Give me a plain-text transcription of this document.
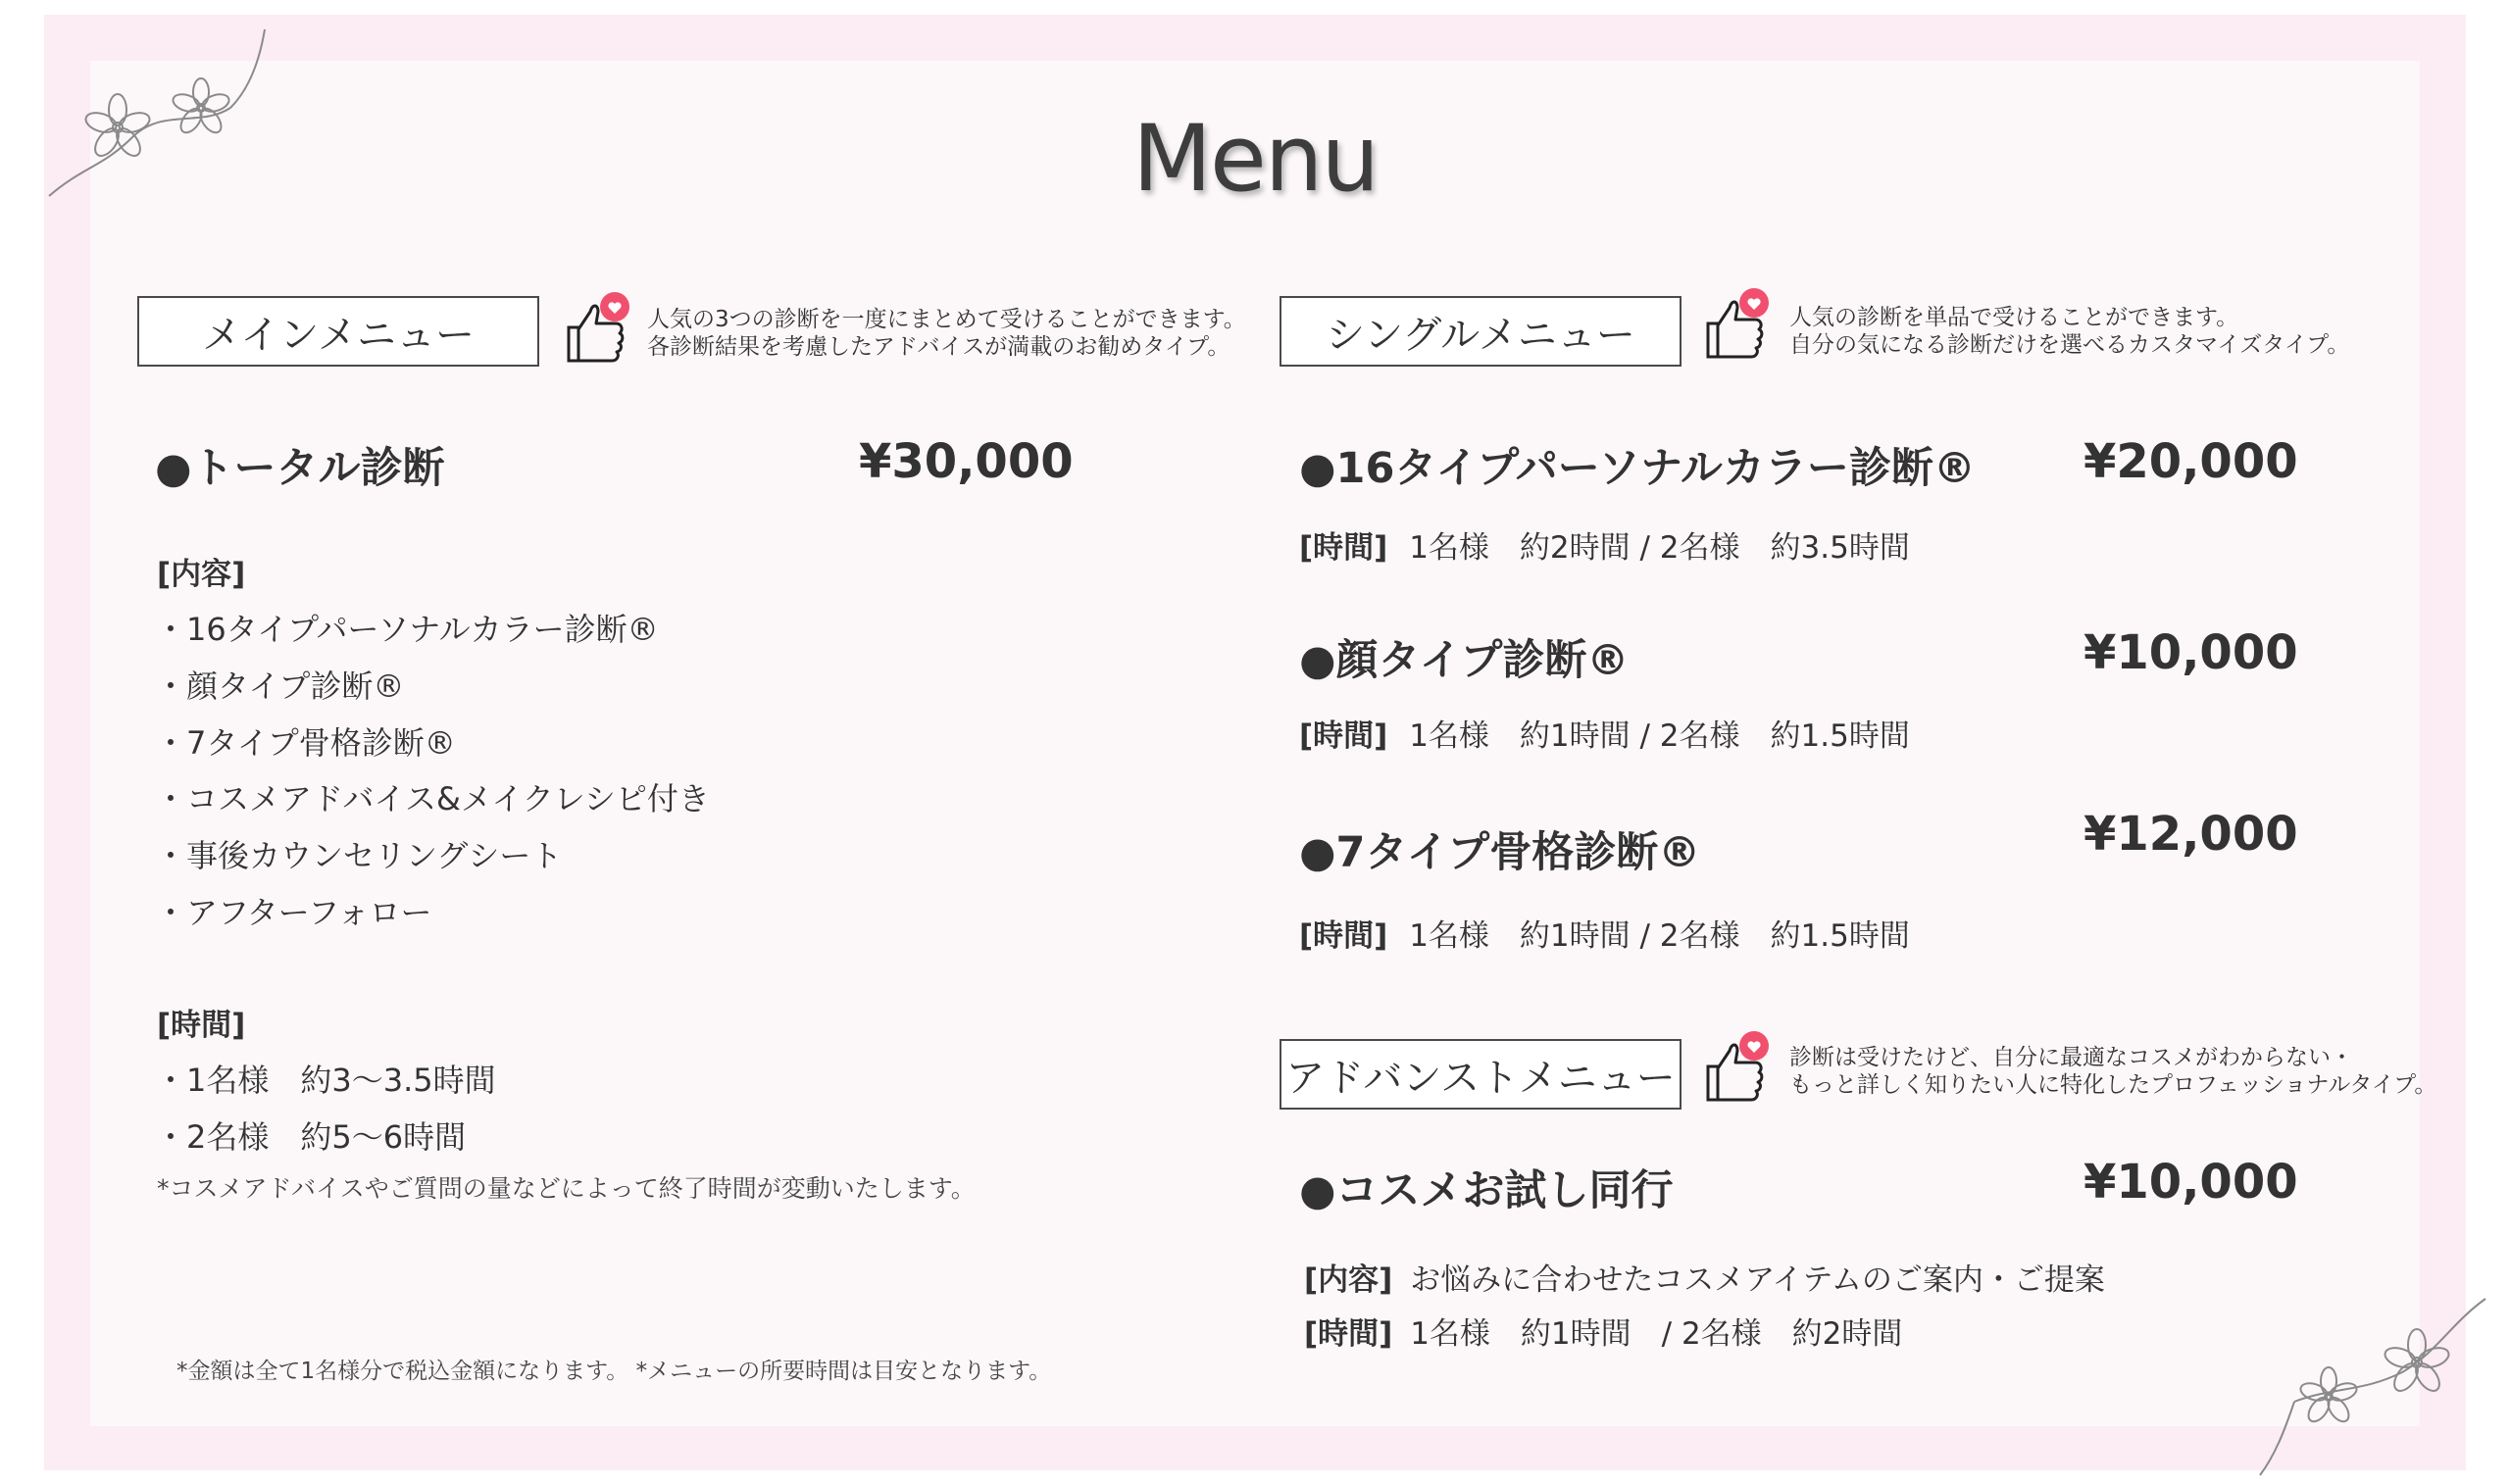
Menu
メインメニュー	人気の3つの診断を一度にまとめて受けることができます。
各診断結果を考慮したアドバイスが満載のお勧めタイプ。
●トータル診断	¥30,000
[内容]
・16タイプパーソナルカラー診断®
・顔タイプ診断®
・7タイプ骨格診断®
・コスメアドバイス&メイクレシピ付き
・事後カウンセリングシート
・アフターフォロー
[時間]
・1名様　約3～3.5時間
・2名様　約5～6時間
*コスメアドバイスやご質問の量などによって終了時間が変動いたします。
*金額は全て1名様分で税込金額になります。 *メニューの所要時間は目安となります。
シングルメニュー	人気の診断を単品で受けることができます。
自分の気になる診断だけを選べるカスタマイズタイプ。
●16タイプパーソナルカラー診断® ¥20,000
[時間] 1名様　約2時間 / 2名様　約3.5時間
●顔タイプ診断®	¥10,000
[時間] 1名様　約1時間 / 2名様　約1.5時間
●7タイプ骨格診断®	¥12,000
[時間] 1名様　約1時間 / 2名様　約1.5時間
アドバンストメニュー	診断は受けたけど、自分に最適なコスメがわからない・
もっと詳しく知りたい人に特化したプロフェッショナルタイプ。
●コスメお試し同行	¥10,000
[内容] お悩みに合わせたコスメアイテムのご案内・ご提案
[時間] 1名様　約1時間　/ 2名様　約2時間
